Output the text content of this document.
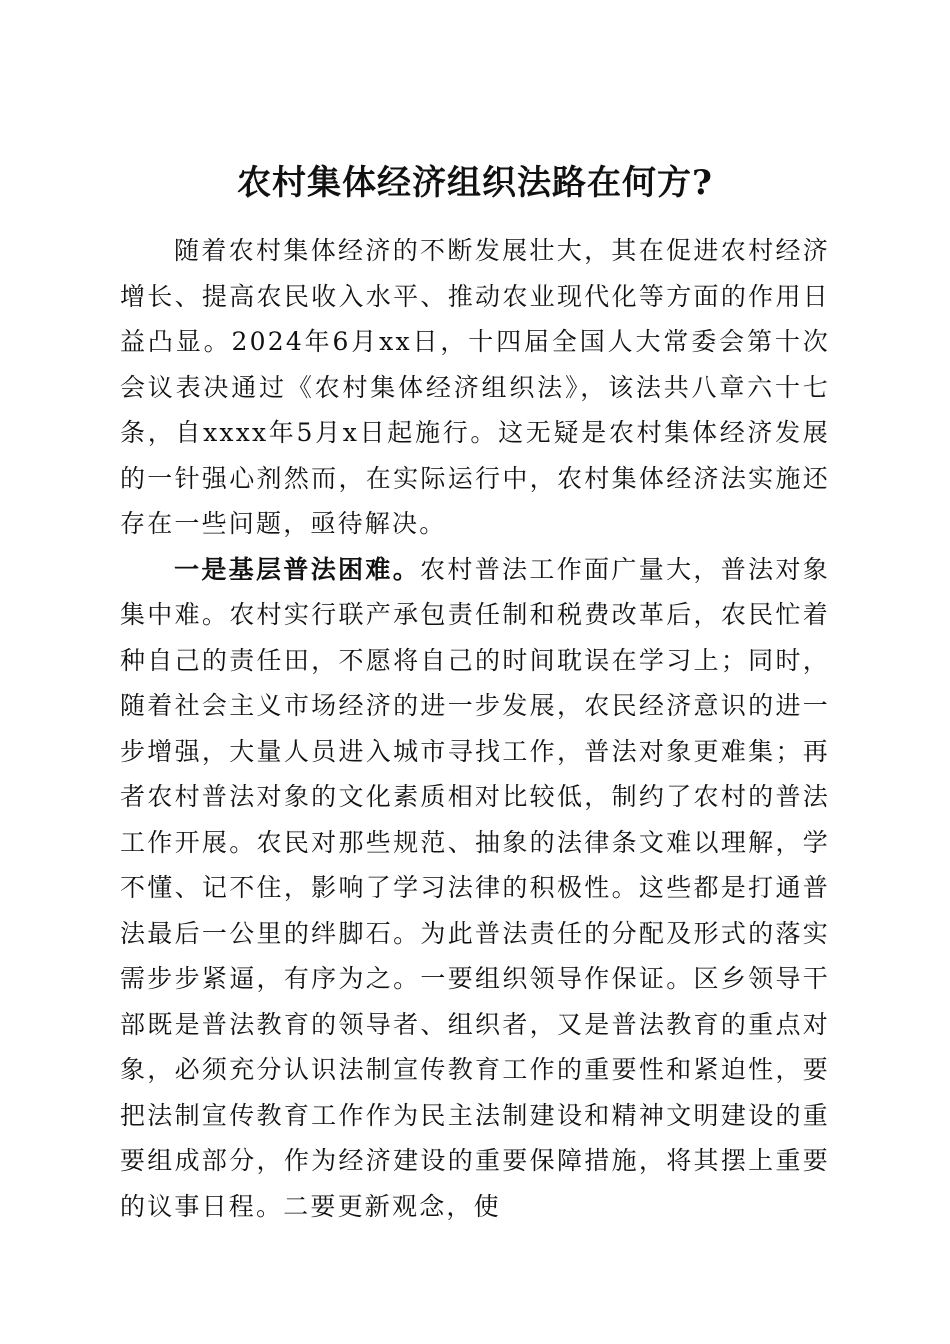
农村集体经济组织法路在何方?

随着农村集体经济的不断发展壮大，其在促进农村经济增长、提高农民收入水平、推动农业现代化等方面的作用日益凸显。2024年6月xx日，十四届全国人大常委会第十次会议表决通过《农村集体经济组织法》，该法共八章六十七条，自xxxx年5月x日起施行。这无疑是农村集体经济发展的一针强心剂然而，在实际运行中，农村集体经济法实施还存在一些问题，亟待解决。

一是基层普法困难。农村普法工作面广量大，普法对象集中难。农村实行联产承包责任制和税费改革后，农民忙着种自己的责任田，不愿将自己的时间耽误在学习上；同时，随着社会主义市场经济的进一步发展，农民经济意识的进一步增强，大量人员进入城市寻找工作，普法对象更难集；再者农村普法对象的文化素质相对比较低，制约了农村的普法工作开展。农民对那些规范、抽象的法律条文难以理解，学不懂、记不住，影响了学习法律的积极性。这些都是打通普法最后一公里的绊脚石。为此普法责任的分配及形式的落实需步步紧逼，有序为之。一要组织领导作保证。区乡领导干部既是普法教育的领导者、组织者，又是普法教育的重点对象，必须充分认识法制宣传教育工作的重要性和紧迫性，要把法制宣传教育工作作为民主法制建设和精神文明建设的重要组成部分，作为经济建设的重要保障措施，将其摆上重要的议事日程。二要更新观念，使
